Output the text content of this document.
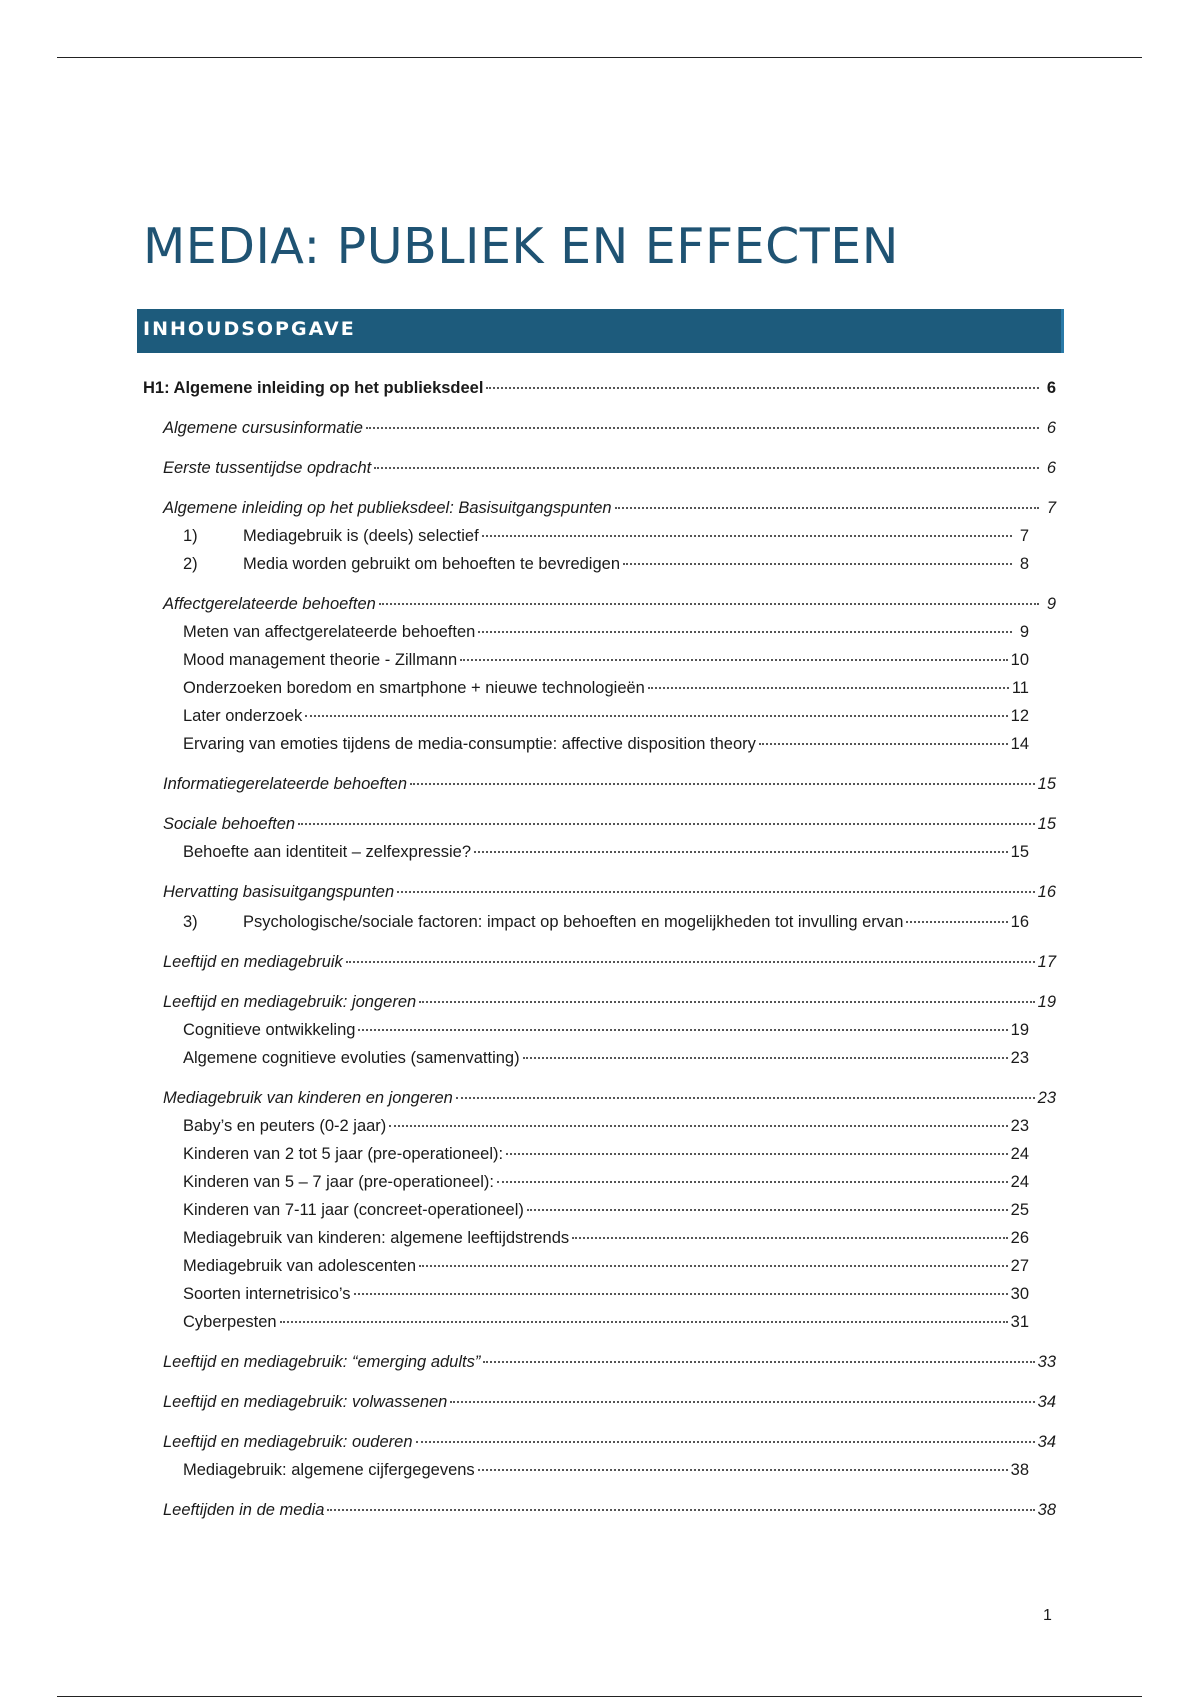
MEDIA: PUBLIEK EN EFFECTEN
INHOUDSOPGAVE
H1: Algemene inleiding op het publieksdeel	6
Algemene cursusinformatie	6
Eerste tussentijdse opdracht	6
Algemene inleiding op het publieksdeel: Basisuitgangspunten	7
1)	Mediagebruik is (deels) selectief	7
2)	Media worden gebruikt om behoeften te bevredigen	8
Affectgerelateerde behoeften	9
Meten van affectgerelateerde behoeften	9
Mood management theorie - Zillmann	10
Onderzoeken boredom en smartphone + nieuwe technologieën	11
Later onderzoek	12
Ervaring van emoties tijdens de media-consumptie: affective disposition theory	14
Informatiegerelateerde behoeften	15
Sociale behoeften	15
Behoefte aan identiteit – zelfexpressie?	15
Hervatting basisuitgangspunten	16
3)	Psychologische/sociale factoren: impact op behoeften en mogelijkheden tot invulling ervan	16
Leeftijd en mediagebruik	17
Leeftijd en mediagebruik: jongeren	19
Cognitieve ontwikkeling	19
Algemene cognitieve evoluties (samenvatting)	23
Mediagebruik van kinderen en jongeren	23
Baby’s en peuters (0-2 jaar)	23
Kinderen van 2 tot 5 jaar (pre-operationeel):	24
Kinderen van 5 – 7 jaar (pre-operationeel):	24
Kinderen van 7-11 jaar (concreet-operationeel)	25
Mediagebruik van kinderen: algemene leeftijdstrends	26
Mediagebruik van adolescenten	27
Soorten internetrisico’s	30
Cyberpesten	31
Leeftijd en mediagebruik: “emerging adults”	33
Leeftijd en mediagebruik: volwassenen	34
Leeftijd en mediagebruik: ouderen	34
Mediagebruik: algemene cijfergegevens	38
Leeftijden in de media	38
1
